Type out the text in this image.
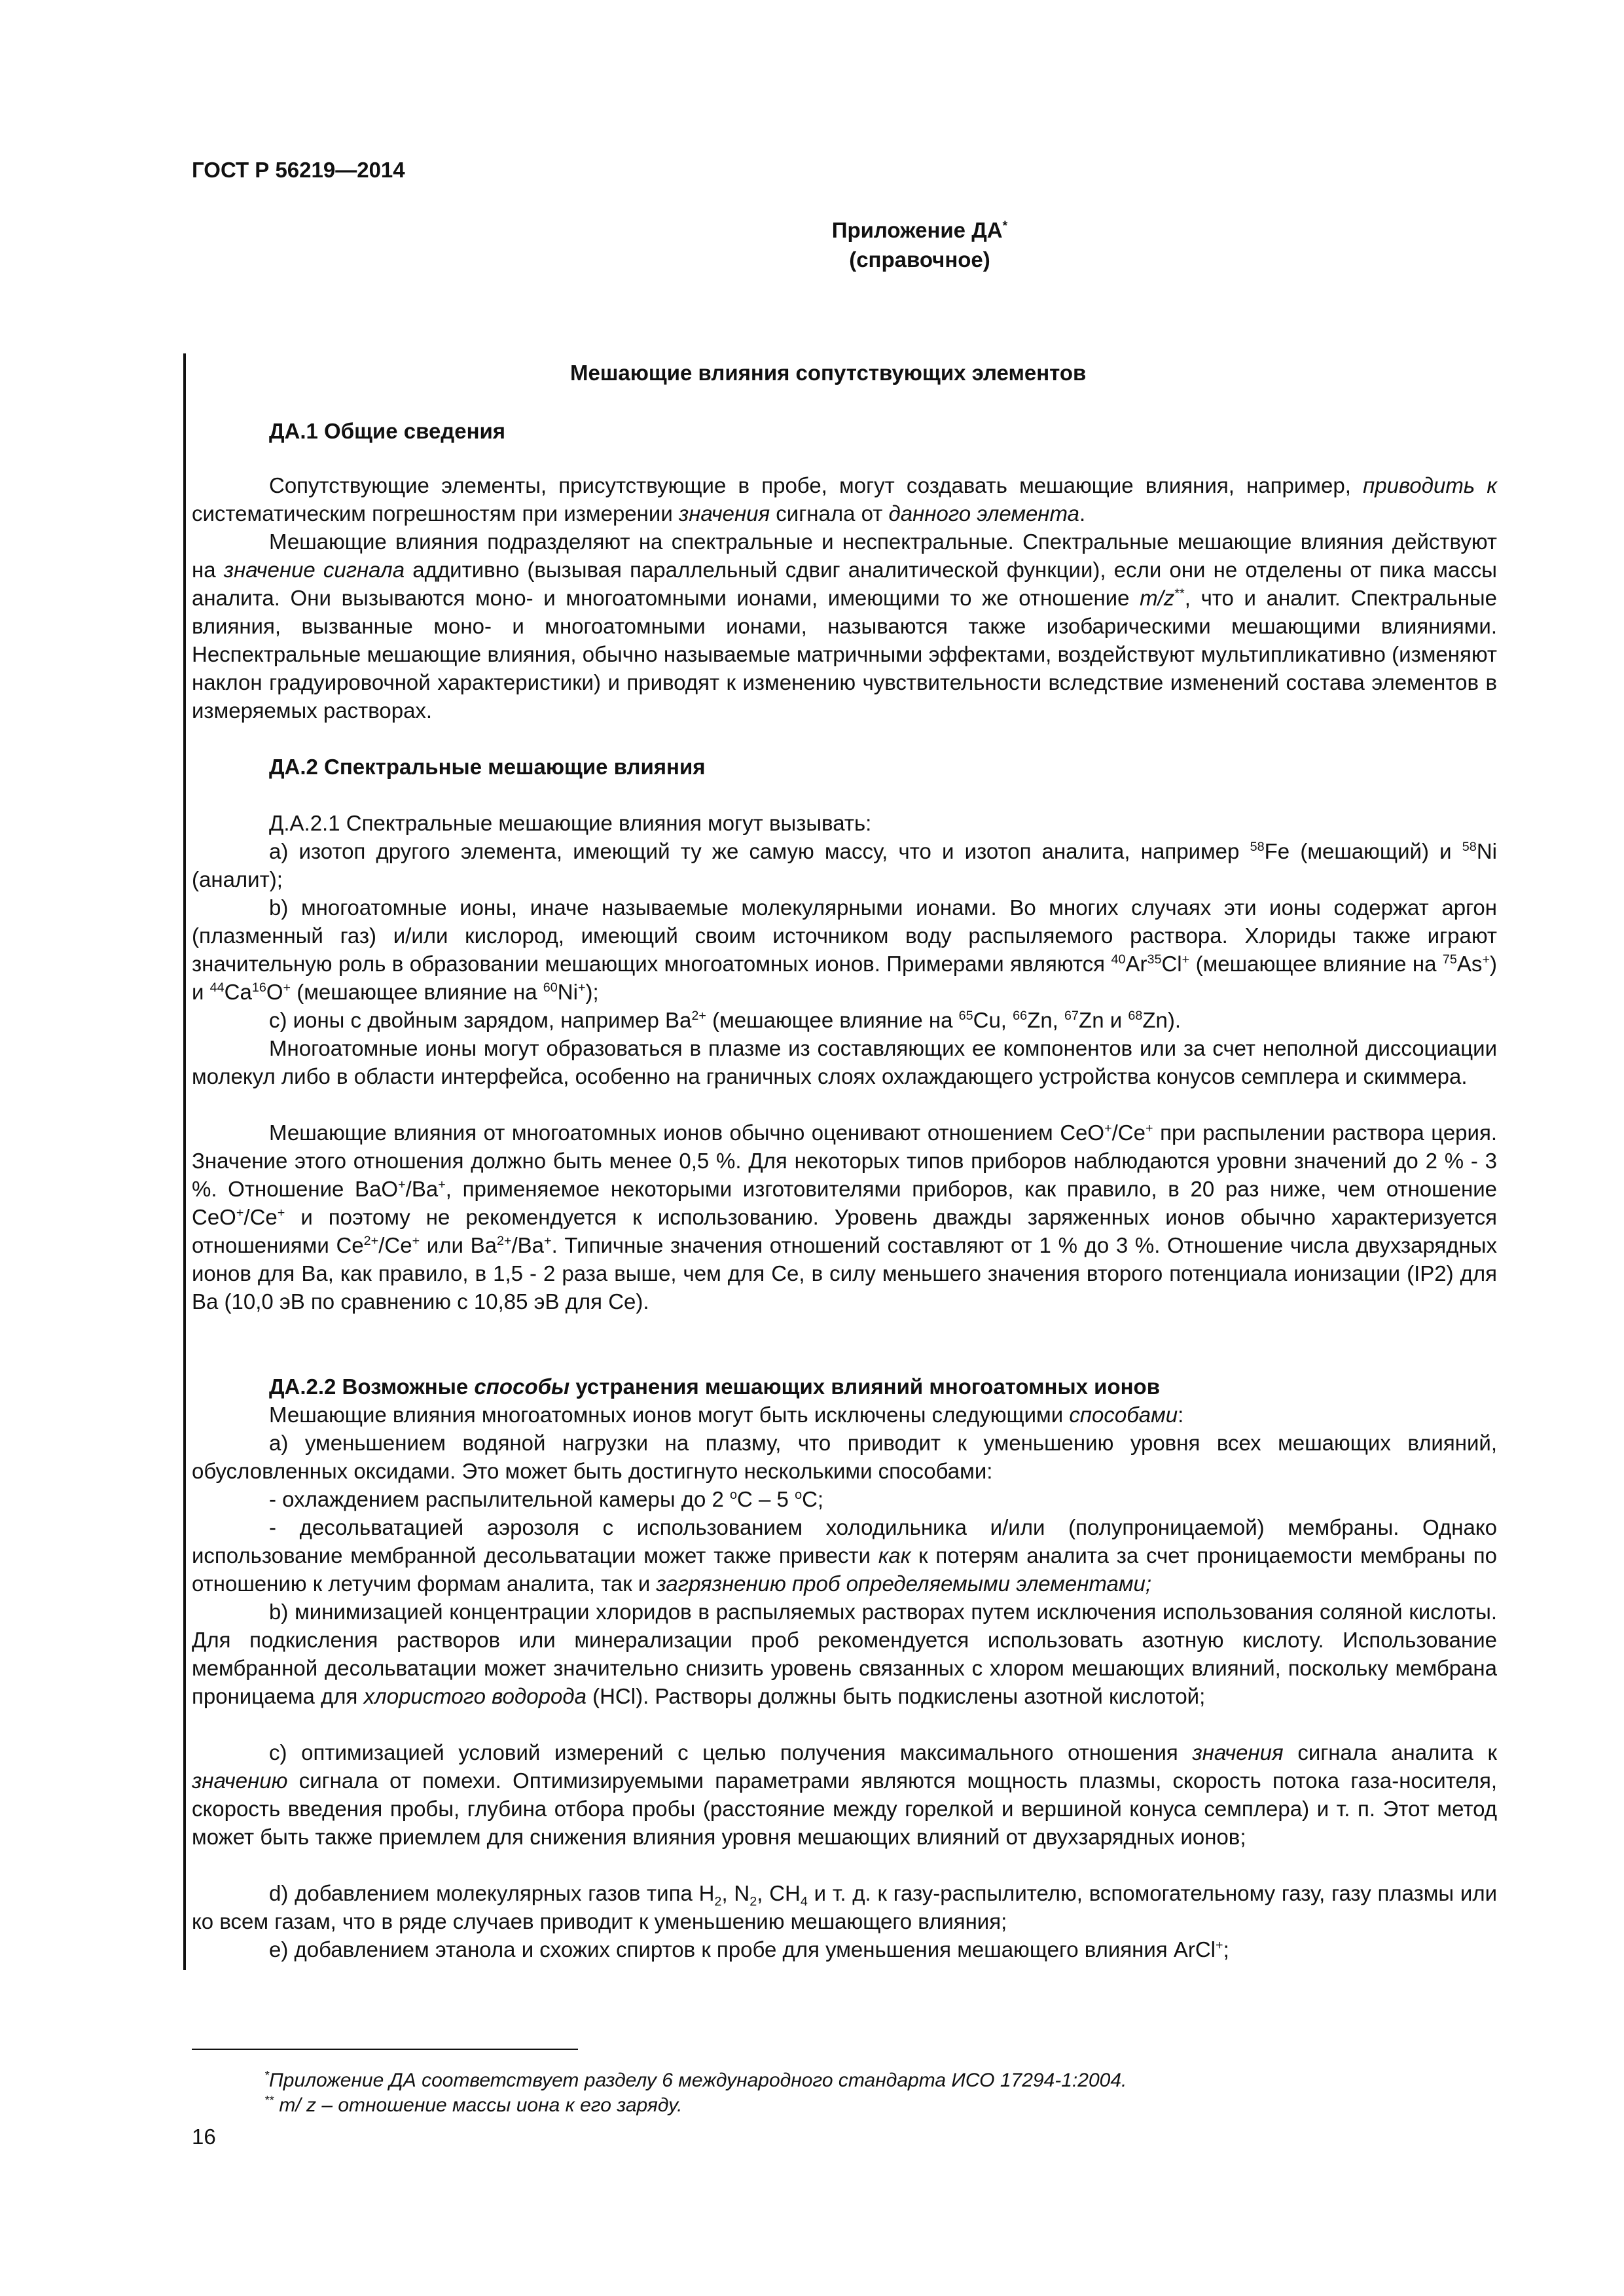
ГОСТ Р 56219—2014
Приложение ДА*
(справочное)
Мешающие влияния сопутствующих элементов
ДА.1 Общие сведения
Сопутствующие элементы, присутствующие в пробе, могут создавать мешающие влияния, например, приводить к систематическим погрешностям при измерении значения сигнала от данного элемента.
Мешающие влияния подразделяют на спектральные и неспектральные. Спектральные мешающие влияния действуют на значение сигнала аддитивно (вызывая параллельный сдвиг аналитической функции), если они не отделены от пика массы аналита. Они вызываются моно- и многоатомными ионами, имеющими то же отношение m/z**, что и аналит. Спектральные влияния, вызванные моно- и многоатомными ионами, называются также изобарическими мешающими влияниями. Неспектральные мешающие влияния, обычно называемые матричными эффектами, воздействуют мультипликативно (изменяют наклон градуировочной характеристики) и приводят к изменению чувствительности вследствие изменений состава элементов в измеряемых растворах.
ДА.2 Спектральные мешающие влияния
Д.А.2.1 Спектральные мешающие влияния могут вызывать:
а) изотоп другого элемента, имеющий ту же самую массу, что и изотоп аналита, например $^{58}$Fe (мешающий) и $^{58}$Ni (аналит);
b) многоатомные ионы, иначе называемые молекулярными ионами. Во многих случаях эти ионы содержат аргон (плазменный газ) и/или кислород, имеющий своим источником воду распыляемого раствора. Хлориды также играют значительную роль в образовании мешающих многоатомных ионов. Примерами являются $^{40}$Ar$^{35}$Cl+ (мешающее влияние на $^{75}$As+) и $^{44}$Ca$^{16}$O+ (мешающее влияние на $^{60}$Ni+);
с) ионы с двойным зарядом, например $Ba^{2+}$ (мешающее влияние на $^{65}$Cu, $^{66}$Zn, $^{67}$Zn и $^{68}$Zn).
Многоатомные ионы могут образоваться в плазме из составляющих ее компонентов или за счет неполной диссоциации молекул либо в области интерфейса, особенно на граничных слоях охлаждающего устройства конусов семплера и скиммера.
Мешающие влияния от многоатомных ионов обычно оценивают отношением CeO+/Ce+ при распылении раствора церия. Значение этого отношения должно быть менее 0,5 %. Для некоторых типов приборов наблюдаются уровни значений до 2 % - 3 %. Отношение BaO+/Ba+, применяемое некоторыми изготовителями приборов, как правило, в 20 раз ниже, чем отношение CeO+/Ce+ и поэтому не рекомендуется к использованию. Уровень дважды заряженных ионов обычно характеризуется отношениями $Ce^{2+}/Ce^+$ или $Ba^{2+}/Ba^+$. Типичные значения отношений составляют от 1 % до 3 %. Отношение числа двухзарядных ионов для Ba, как правило, в 1,5 - 2 раза выше, чем для Ce, в силу меньшего значения второго потенциала ионизации (IP2) для Ba (10,0 эВ по сравнению с 10,85 эВ для Ce).
ДА.2.2 Возможные способы устранения мешающих влияний многоатомных ионов
Мешающие влияния многоатомных ионов могут быть исключены следующими способами:
а) уменьшением водяной нагрузки на плазму, что приводит к уменьшению уровня всех мешающих влияний, обусловленных оксидами. Это может быть достигнуто несколькими способами:
- охлаждением распылительной камеры до 2 $^о$С – 5 $^о$С;
- десольватацией аэрозоля с использованием холодильника и/или (полупроницаемой) мембраны. Однако использование мембранной десольватации может также привести как к потерям аналита за счет проницаемости мембраны по отношению к летучим формам аналита, так и загрязнению проб определяемыми элементами;
b) минимизацией концентрации хлоридов в распыляемых растворах путем исключения использования соляной кислоты. Для подкисления растворов или минерализации проб рекомендуется использовать азотную кислоту. Использование мембранной десольватации может значительно снизить уровень связанных с хлором мешающих влияний, поскольку мембрана проницаема для хлористого водорода (HCl). Растворы должны быть подкислены азотной кислотой;
с) оптимизацией условий измерений с целью получения максимального отношения значения сигнала аналита к значению сигнала от помехи. Оптимизируемыми параметрами являются мощность плазмы, скорость потока газа-носителя, скорость введения пробы, глубина отбора пробы (расстояние между горелкой и вершиной конуса семплера) и т. п. Этот метод может быть также приемлем для снижения влияния уровня мешающих влияний от двухзарядных ионов;
d) добавлением молекулярных газов типа $H_2$, $N_2$, $CH_4$ и т. д. к газу-распылителю, вспомогательному газу, газу плазмы или ко всем газам, что в ряде случаев приводит к уменьшению мешающего влияния;
е) добавлением этанола и схожих спиртов к пробе для уменьшения мешающего влияния ArCl+;
*Приложение ДА соответствует разделу 6 международного стандарта ИСО 17294-1:2004.
** m/ z – отношение массы иона к его заряду.
16
